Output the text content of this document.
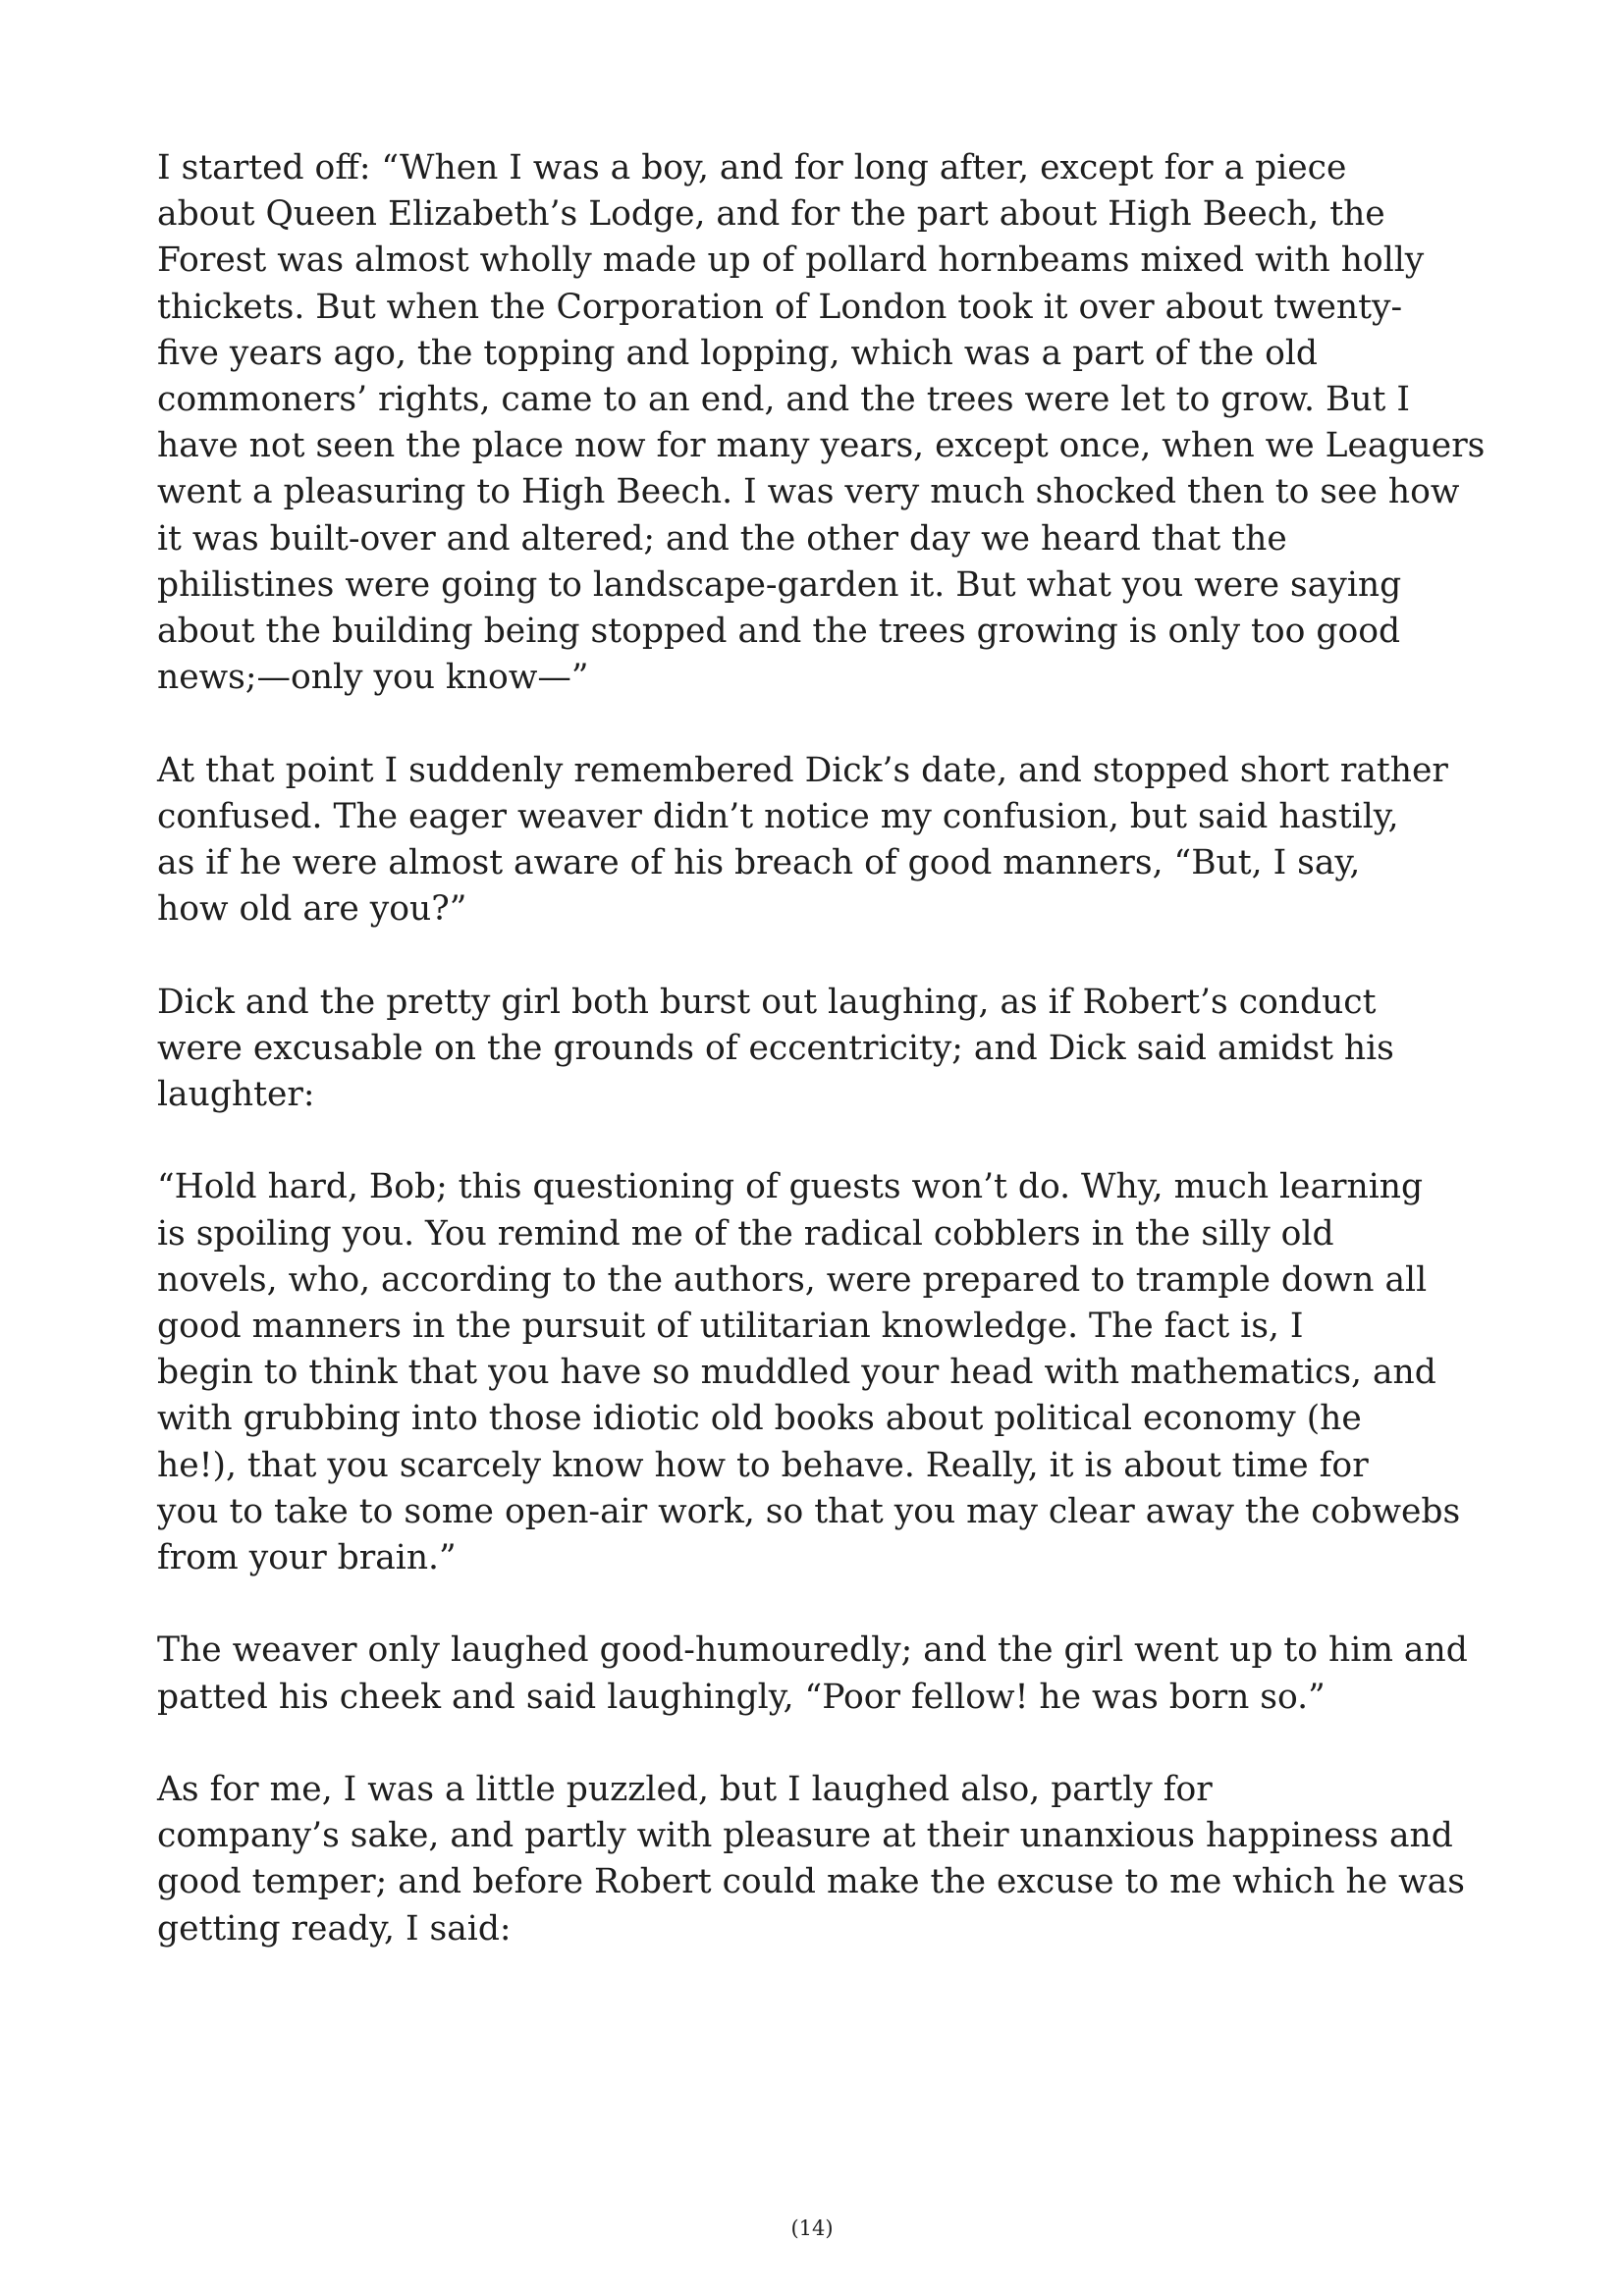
I started off: “When I was a boy, and for long after, except for a piece
about Queen Elizabeth’s Lodge, and for the part about High Beech, the
Forest was almost wholly made up of pollard hornbeams mixed with holly
thickets. But when the Corporation of London took it over about twenty-
five years ago, the topping and lopping, which was a part of the old
commoners’ rights, came to an end, and the trees were let to grow. But I
have not seen the place now for many years, except once, when we Leaguers
went a pleasuring to High Beech. I was very much shocked then to see how
it was built-over and altered; and the other day we heard that the
philistines were going to landscape-garden it. But what you were saying
about the building being stopped and the trees growing is only too good
news;—only you know—”

At that point I suddenly remembered Dick’s date, and stopped short rather
confused. The eager weaver didn’t notice my confusion, but said hastily,
as if he were almost aware of his breach of good manners, “But, I say,
how old are you?”

Dick and the pretty girl both burst out laughing, as if Robert’s conduct
were excusable on the grounds of eccentricity; and Dick said amidst his
laughter:

“Hold hard, Bob; this questioning of guests won’t do. Why, much learning
is spoiling you. You remind me of the radical cobblers in the silly old
novels, who, according to the authors, were prepared to trample down all
good manners in the pursuit of utilitarian knowledge. The fact is, I
begin to think that you have so muddled your head with mathematics, and
with grubbing into those idiotic old books about political economy (he
he!), that you scarcely know how to behave. Really, it is about time for
you to take to some open-air work, so that you may clear away the cobwebs
from your brain.”

The weaver only laughed good-humouredly; and the girl went up to him and
patted his cheek and said laughingly, “Poor fellow! he was born so.”

As for me, I was a little puzzled, but I laughed also, partly for
company’s sake, and partly with pleasure at their unanxious happiness and
good temper; and before Robert could make the excuse to me which he was
getting ready, I said:

(14)
